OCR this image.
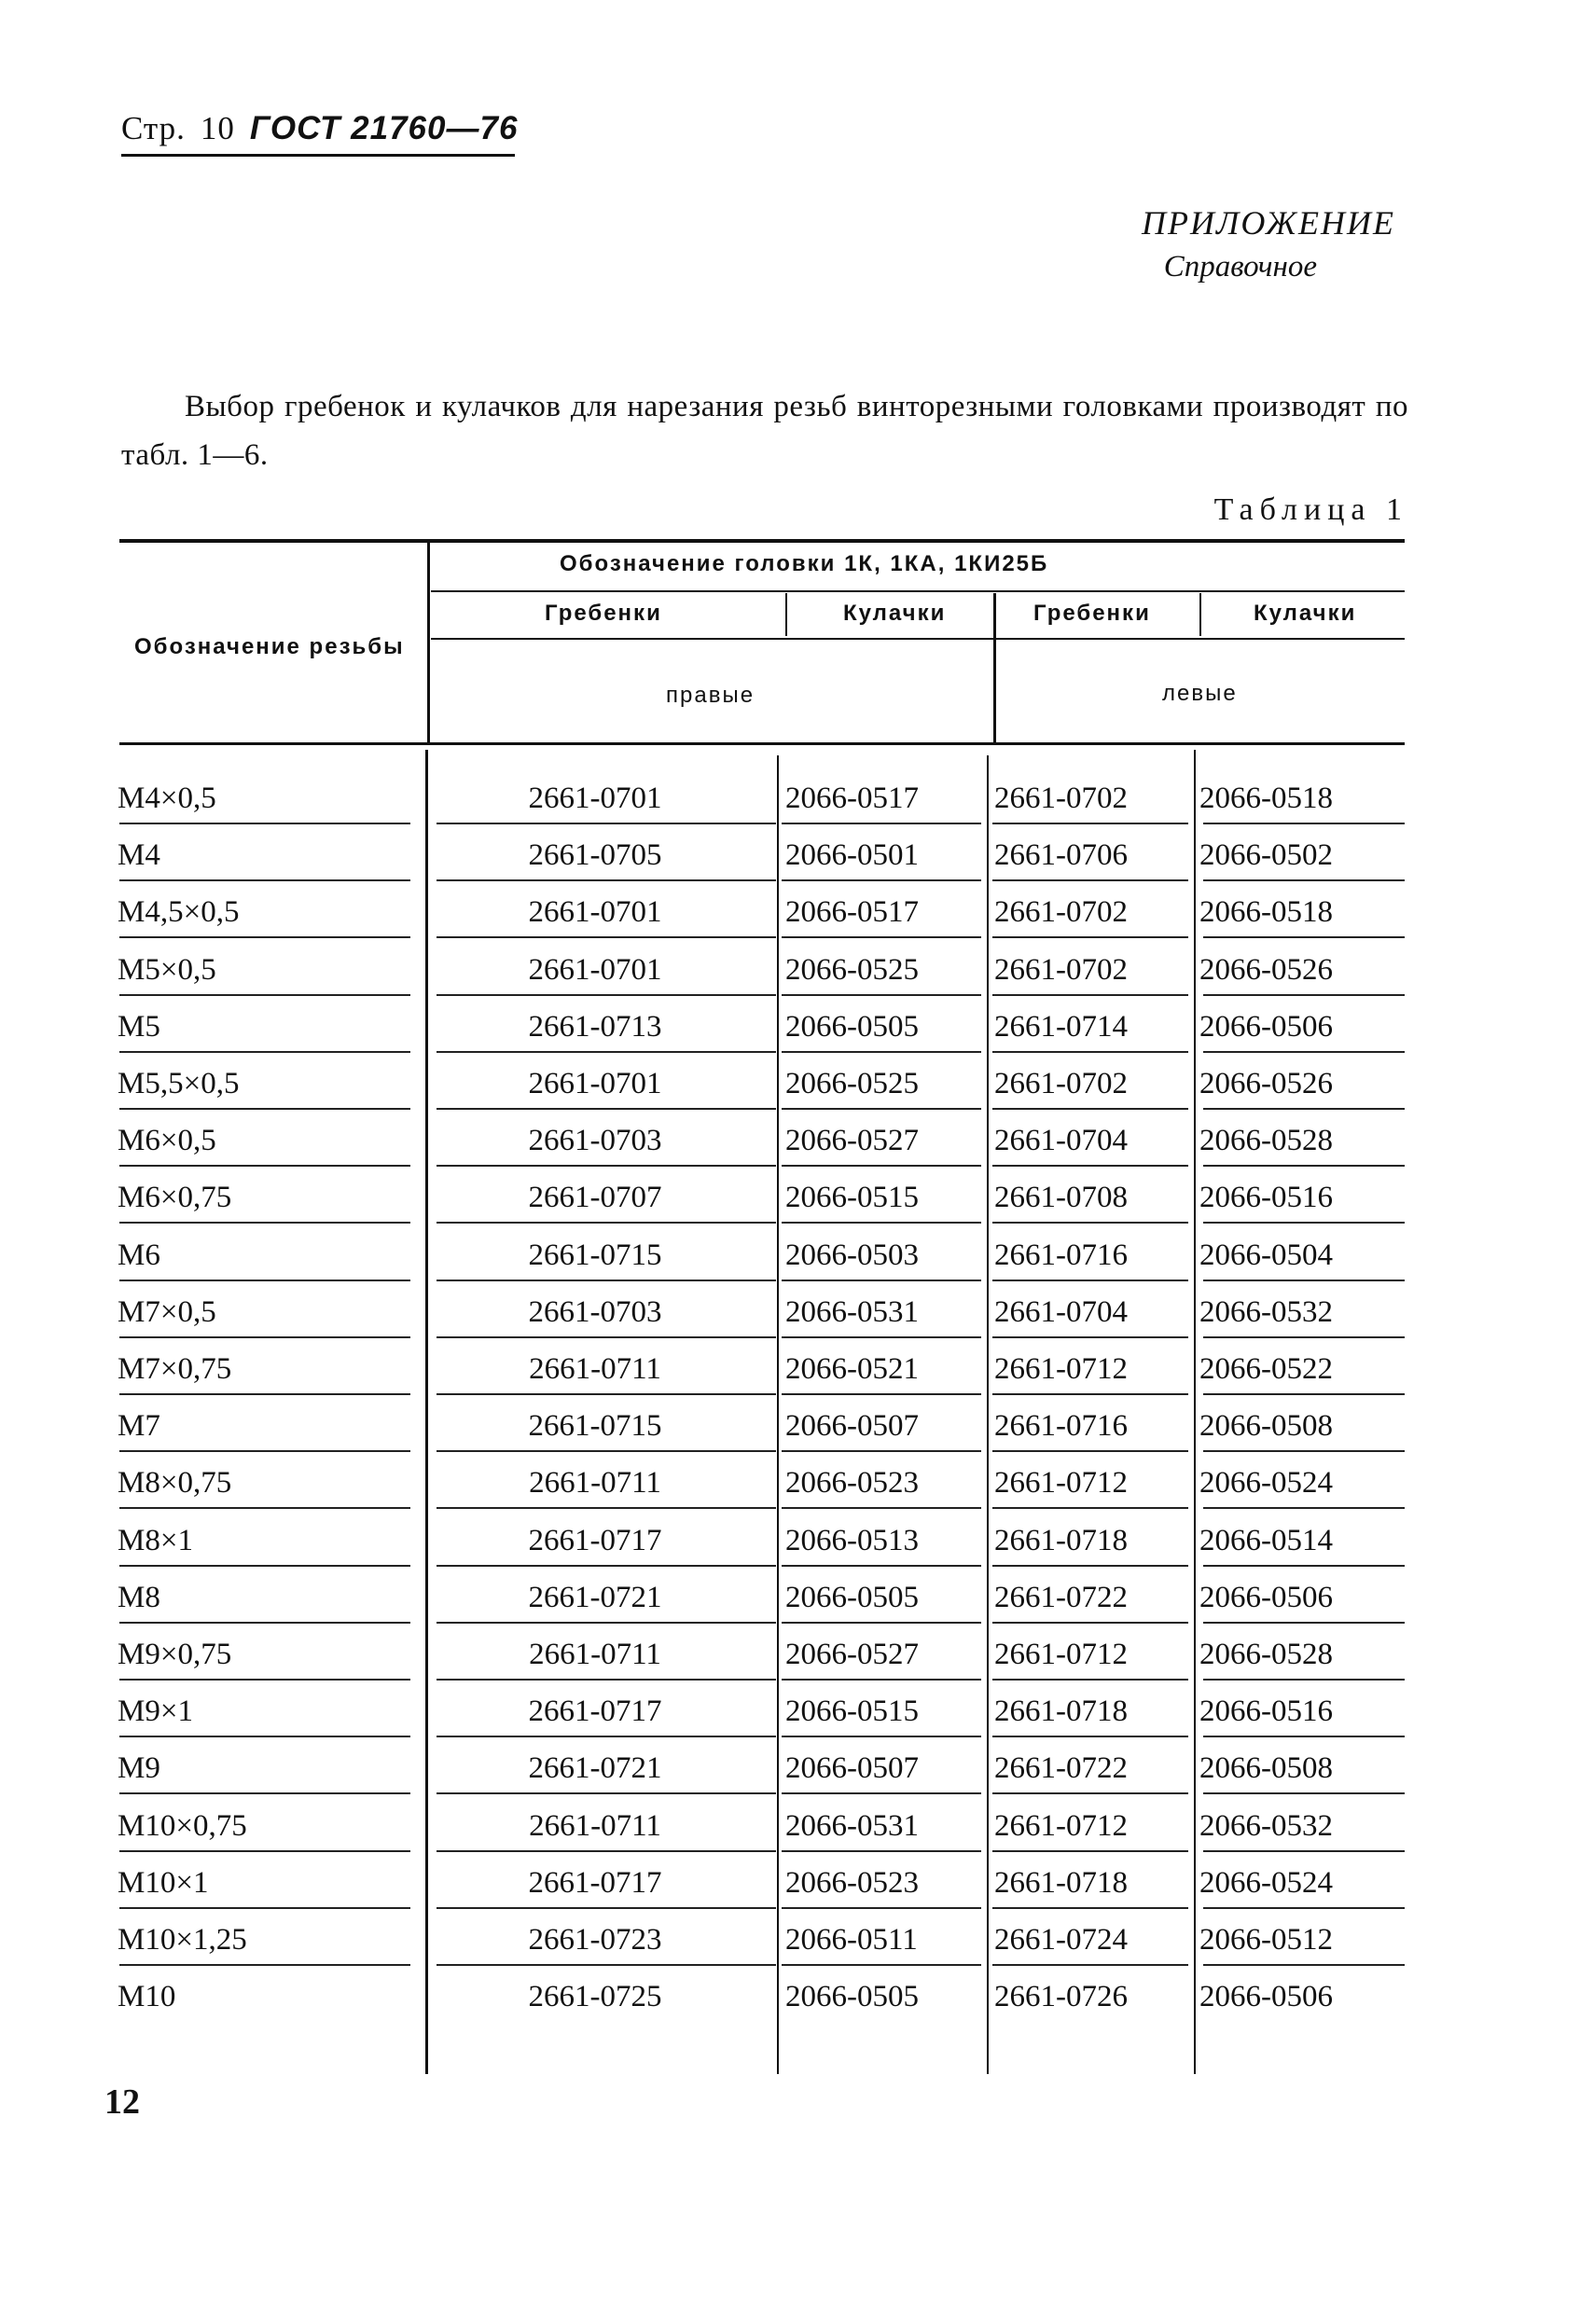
Стр. 10 ГОСТ 21760—76
ПРИЛОЖЕНИЕ
Справочное
Выбор гребенок и кулачков для нарезания резьб винторезными головками производят по табл. 1—6.
Таблица 1
Обозначение головки 1К, 1КА, 1КИ25Б
Обозначение резьбы
Гребенки	Кулачки	Гребенки	Кулачки
правые	левые
М4×0,5	2661-0701	2066-0517	2661-0702	2066-0518
М4	2661-0705	2066-0501	2661-0706	2066-0502
М4,5×0,5	2661-0701	2066-0517	2661-0702	2066-0518
М5×0,5	2661-0701	2066-0525	2661-0702	2066-0526
М5	2661-0713	2066-0505	2661-0714	2066-0506
М5,5×0,5	2661-0701	2066-0525	2661-0702	2066-0526
М6×0,5	2661-0703	2066-0527	2661-0704	2066-0528
М6×0,75	2661-0707	2066-0515	2661-0708	2066-0516
М6	2661-0715	2066-0503	2661-0716	2066-0504
М7×0,5	2661-0703	2066-0531	2661-0704	2066-0532
М7×0,75	2661-0711	2066-0521	2661-0712	2066-0522
М7	2661-0715	2066-0507	2661-0716	2066-0508
М8×0,75	2661-0711	2066-0523	2661-0712	2066-0524
М8×1	2661-0717	2066-0513	2661-0718	2066-0514
М8	2661-0721	2066-0505	2661-0722	2066-0506
М9×0,75	2661-0711	2066-0527	2661-0712	2066-0528
М9×1	2661-0717	2066-0515	2661-0718	2066-0516
М9	2661-0721	2066-0507	2661-0722	2066-0508
М10×0,75	2661-0711	2066-0531	2661-0712	2066-0532
М10×1	2661-0717	2066-0523	2661-0718	2066-0524
М10×1,25	2661-0723	2066-0511	2661-0724	2066-0512
М10	2661-0725	2066-0505	2661-0726	2066-0506
12
